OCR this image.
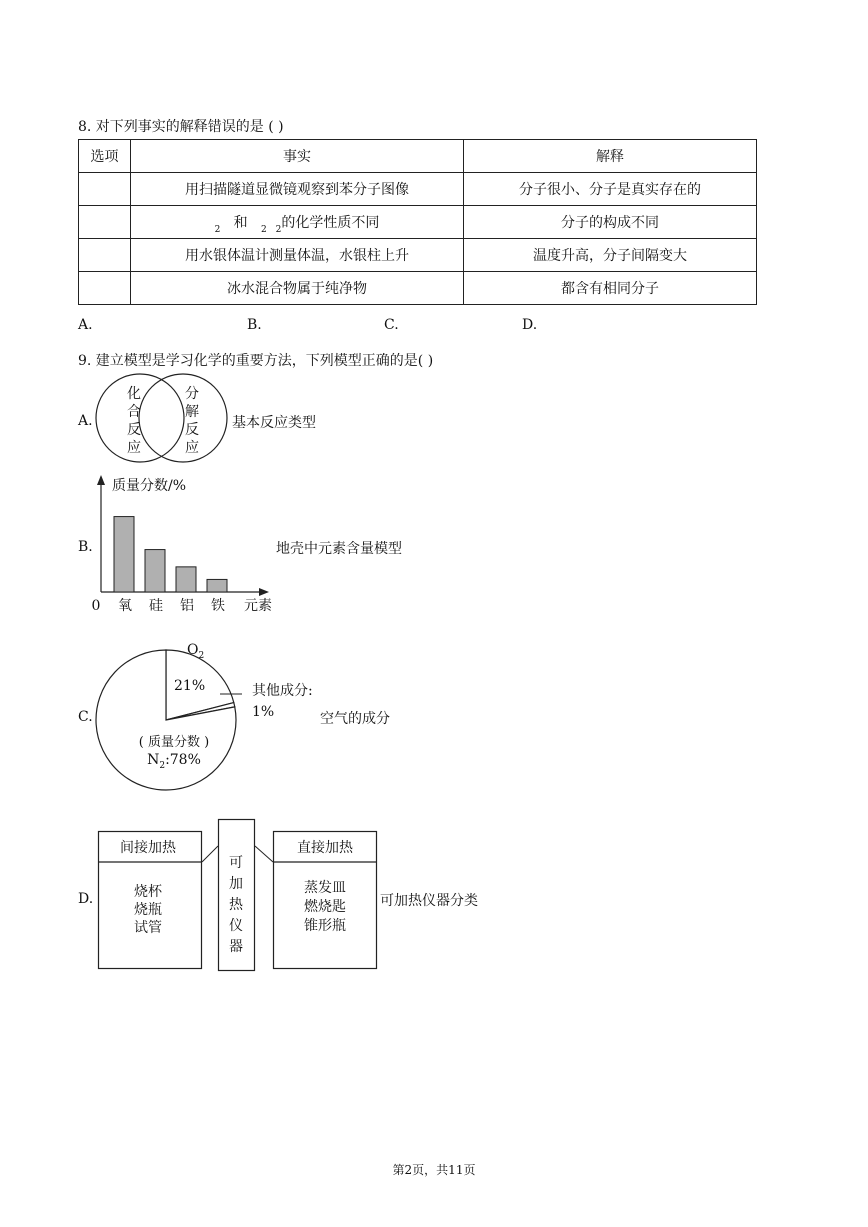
8. 对下列事实的解释错误的是 ( )
选项	事实	解释
	用扫描隧道显微镜观察到苯分子图像	分子很小、分子是真实存在的
	$_2$ 和 $_2$ $_2$的化学性质不同	分子的构成不同
	用水银体温计测量体温，水银柱上升	温度升高，分子间隔变大
	冰水混合物属于纯净物	都含有相同分子
A.	B.	C.	D.
9. 建立模型是学习化学的重要方法，下列模型正确的是( )
A.
化
合
反
应
分
解
反
应
基本反应类型
B.
质量分数/%
0	元素
氧 硅 铝 铁
地壳中元素含量模型
C.
$O_2$
21%	其他成分:
1%
( 质量分数 )
$N_2:78\%$
空气的成分
D.
间接加热
烧杯
烧瓶
试管
可
加
热
仪
器
直接加热
蒸发皿
燃烧匙
锥形瓶
可加热仪器分类
第2页，共11页
